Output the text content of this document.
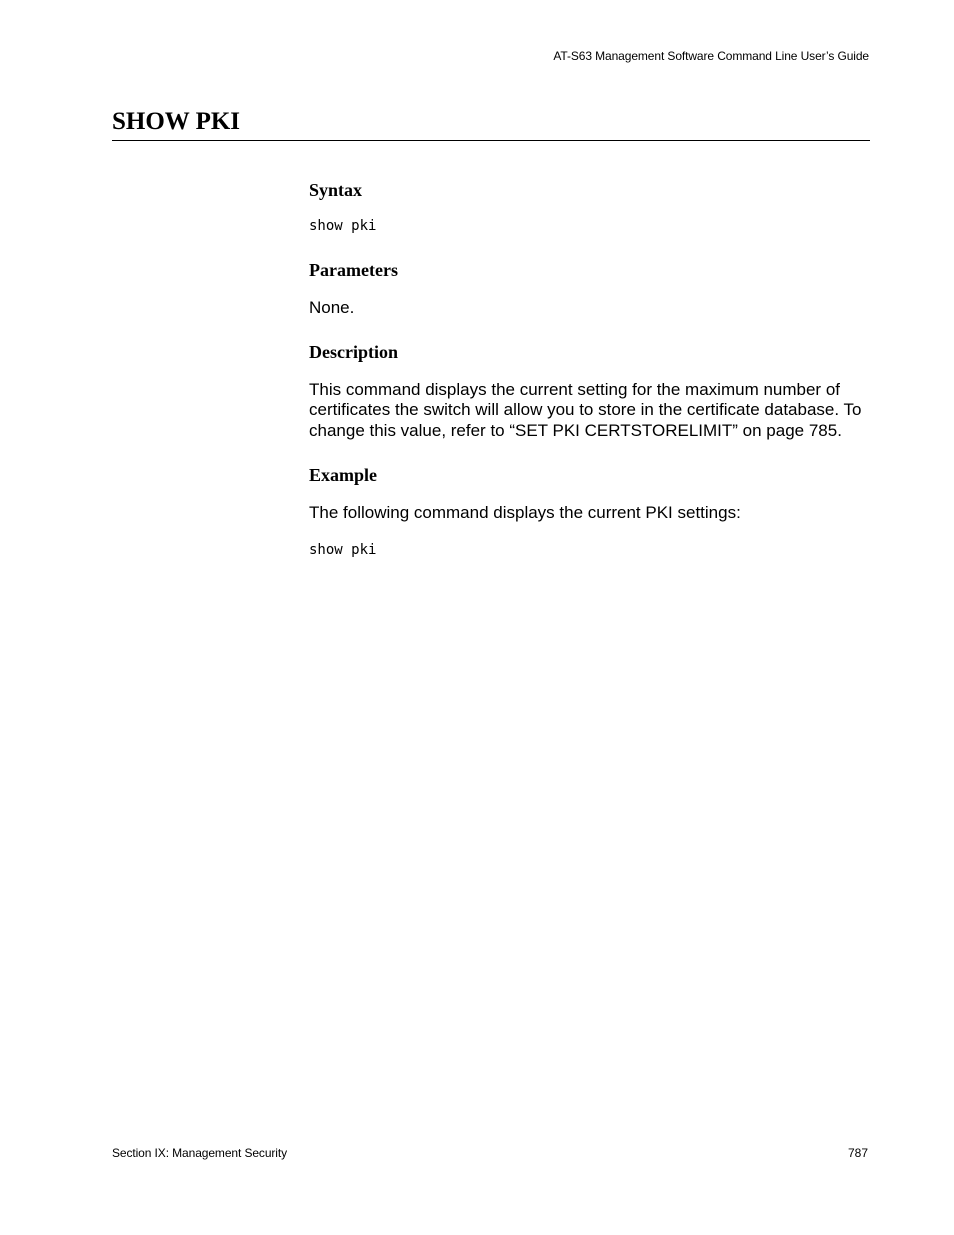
AT-S63 Management Software Command Line User’s Guide
SHOW PKI
Syntax
show pki
Parameters

None.

Description

This command displays the current setting for the maximum number of certificates the switch will allow you to store in the certificate database. To change this value, refer to “SET PKI CERTSTORELIMIT” on page 785.

Example

The following command displays the current PKI settings:

show pki
Section IX: Management Security	787
